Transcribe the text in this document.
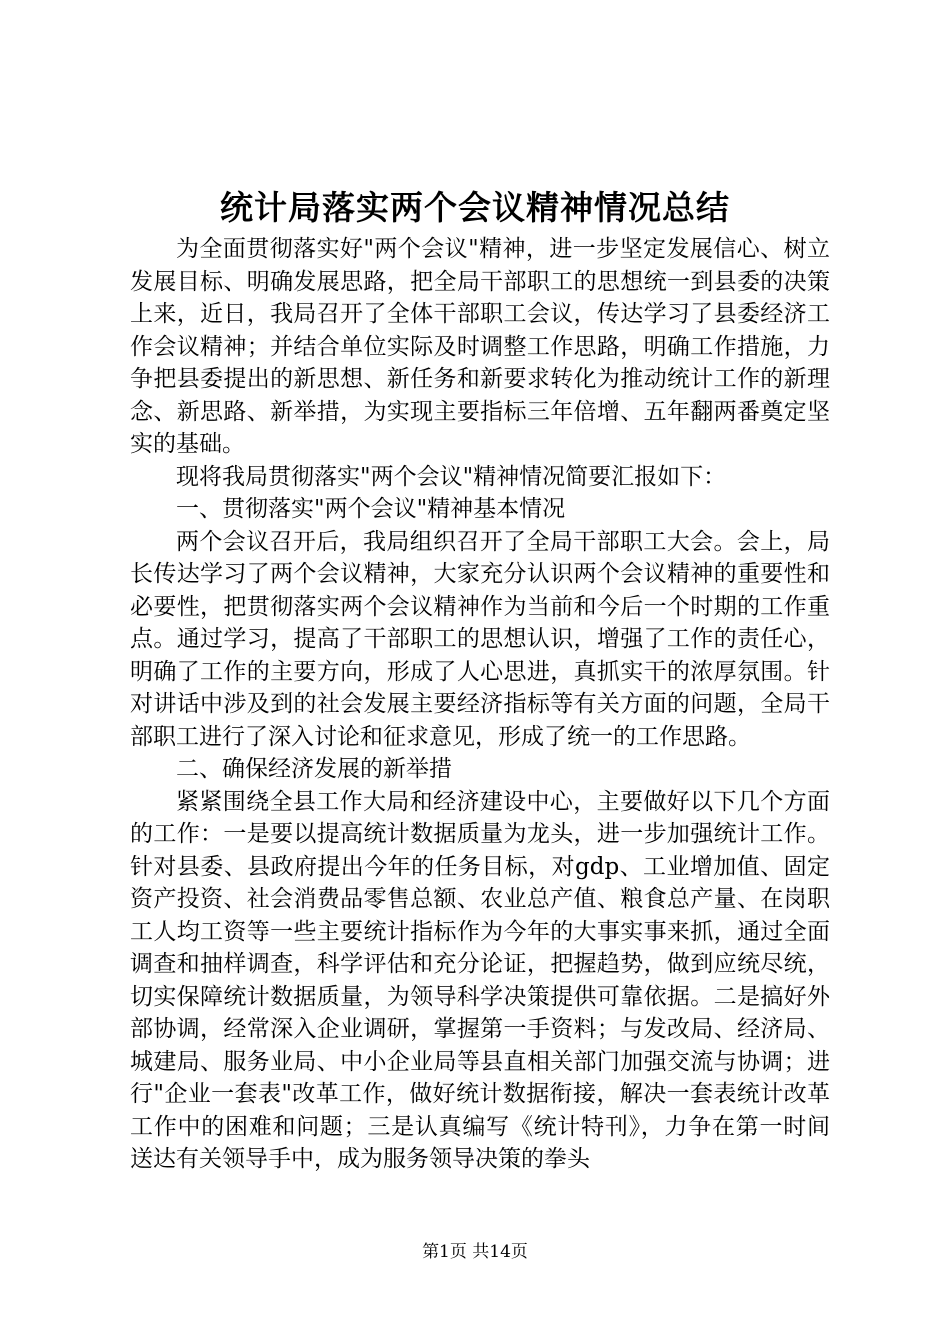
统计局落实两个会议精神情况总结

为全面贯彻落实好"两个会议"精神，进一步坚定发展信心、树立发展目标、明确发展思路，把全局干部职工的思想统一到县委的决策上来，近日，我局召开了全体干部职工会议，传达学习了县委经济工作会议精神；并结合单位实际及时调整工作思路，明确工作措施，力争把县委提出的新思想、新任务和新要求转化为推动统计工作的新理念、新思路、新举措，为实现主要指标三年倍增、五年翻两番奠定坚实的基础。

现将我局贯彻落实"两个会议"精神情况简要汇报如下：

一、贯彻落实"两个会议"精神基本情况

两个会议召开后，我局组织召开了全局干部职工大会。会上，局长传达学习了两个会议精神，大家充分认识两个会议精神的重要性和必要性，把贯彻落实两个会议精神作为当前和今后一个时期的工作重点。通过学习，提高了干部职工的思想认识，增强了工作的责任心，明确了工作的主要方向，形成了人心思进，真抓实干的浓厚氛围。针对讲话中涉及到的社会发展主要经济指标等有关方面的问题，全局干部职工进行了深入讨论和征求意见，形成了统一的工作思路。

二、确保经济发展的新举措

紧紧围绕全县工作大局和经济建设中心，主要做好以下几个方面的工作：一是要以提高统计数据质量为龙头，进一步加强统计工作。针对县委、县政府提出今年的任务目标，对gdp、工业增加值、固定资产投资、社会消费品零售总额、农业总产值、粮食总产量、在岗职工人均工资等一些主要统计指标作为今年的大事实事来抓，通过全面调查和抽样调查，科学评估和充分论证，把握趋势，做到应统尽统，切实保障统计数据质量，为领导科学决策提供可靠依据。二是搞好外部协调，经常深入企业调研，掌握第一手资料；与发改局、经济局、城建局、服务业局、中小企业局等县直相关部门加强交流与协调；进行"企业一套表"改革工作，做好统计数据衔接，解决一套表统计改革工作中的困难和问题；三是认真编写《统计特刊》，力争在第一时间送达有关领导手中，成为服务领导决策的拳头

第1页 共14页
